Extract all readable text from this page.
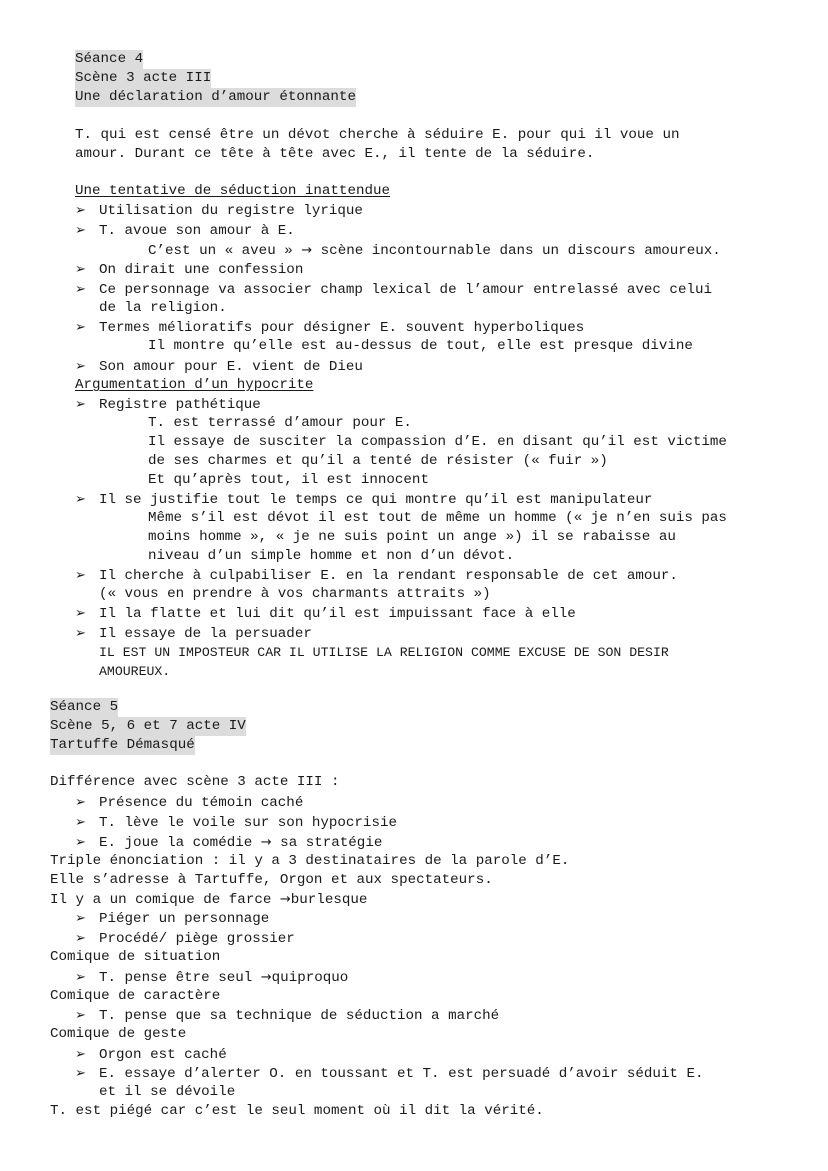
Séance 4
Scène 3 acte III
Une déclaration d’amour étonnante
T. qui est censé être un dévot cherche à séduire E. pour qui il voue un
amour. Durant ce tête à tête avec E., il tente de la séduire.
Une tentative de séduction inattendue
➢ Utilisation du registre lyrique
➢ T. avoue son amour à E.
C’est un « aveu » → scène incontournable dans un discours amoureux.
➢ On dirait une confession
➢ Ce personnage va associer champ lexical de l’amour entrelassé avec celui
de la religion.
➢ Termes mélioratifs pour désigner E. souvent hyperboliques
Il montre qu’elle est au-dessus de tout, elle est presque divine
➢ Son amour pour E. vient de Dieu
Argumentation d’un hypocrite
➢ Registre pathétique
T. est terrassé d’amour pour E.
Il essaye de susciter la compassion d’E. en disant qu’il est victime
de ses charmes et qu’il a tenté de résister (« fuir »)
Et qu’après tout, il est innocent
➢ Il se justifie tout le temps ce qui montre qu’il est manipulateur
Même s’il est dévot il est tout de même un homme (« je n’en suis pas
moins homme », « je ne suis point un ange ») il se rabaisse au
niveau d’un simple homme et non d’un dévot.
➢ Il cherche à culpabiliser E. en la rendant responsable de cet amour.
(« vous en prendre à vos charmants attraits »)
➢ Il la flatte et lui dit qu’il est impuissant face à elle
➢ Il essaye de la persuader
IL EST UN IMPOSTEUR CAR IL UTILISE LA RELIGION COMME EXCUSE DE SON DESIR
AMOUREUX.
Séance 5
Scène 5, 6 et 7 acte IV
Tartuffe Démasqué
Différence avec scène 3 acte III :
➢ Présence du témoin caché
➢ T. lève le voile sur son hypocrisie
➢ E. joue la comédie → sa stratégie
Triple énonciation : il y a 3 destinataires de la parole d’E.
Elle s’adresse à Tartuffe, Orgon et aux spectateurs.
Il y a un comique de farce →burlesque
➢ Piéger un personnage
➢ Procédé/ piège grossier
Comique de situation
➢ T. pense être seul →quiproquo
Comique de caractère
➢ T. pense que sa technique de séduction a marché
Comique de geste
➢ Orgon est caché
➢ E. essaye d’alerter O. en toussant et T. est persuadé d’avoir séduit E.
et il se dévoile
T. est piégé car c’est le seul moment où il dit la vérité.
